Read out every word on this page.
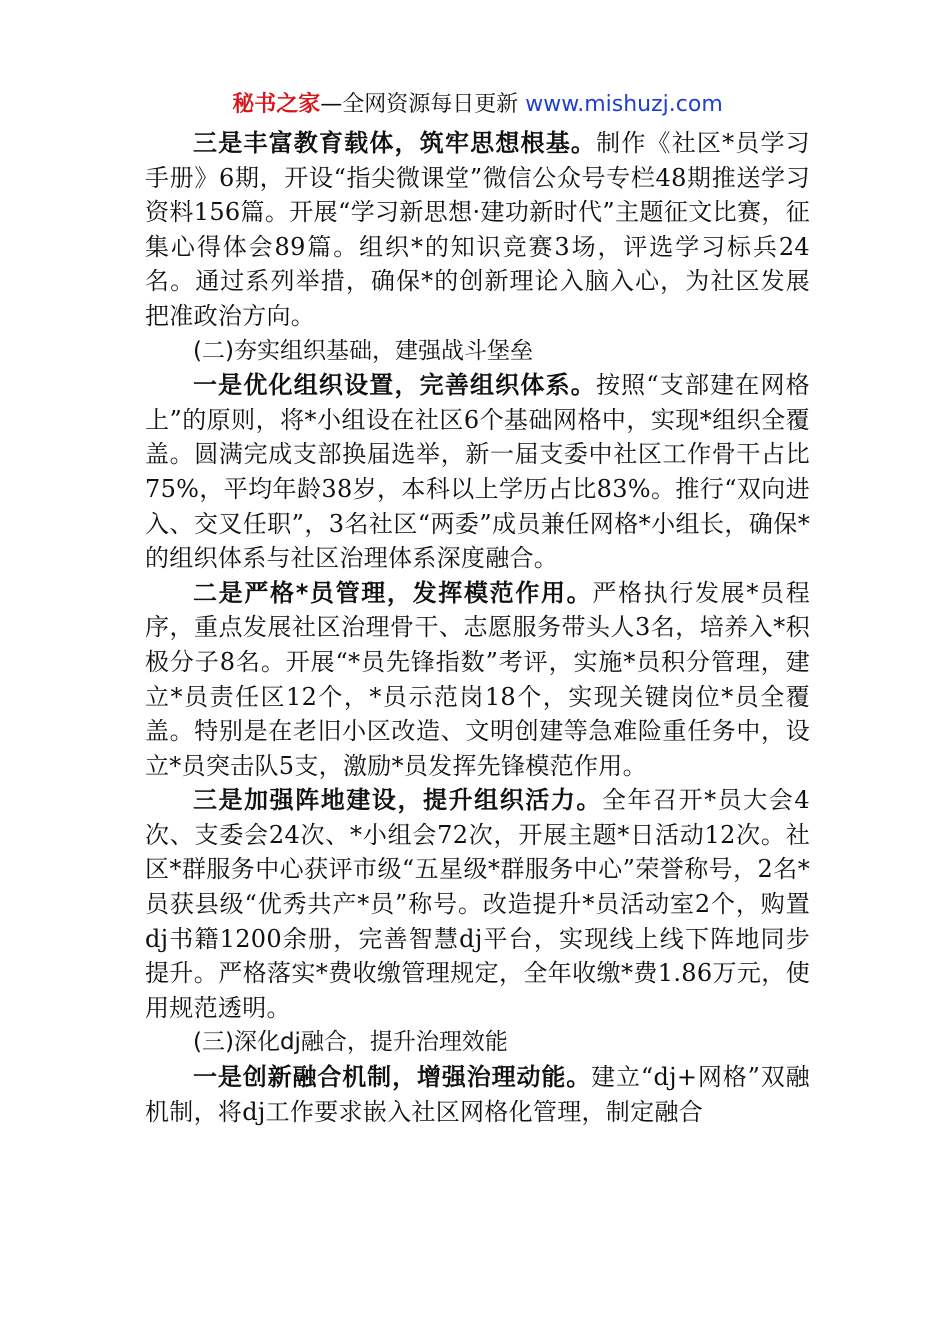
秘书之家—全网资源每日更新 www.mishuzj.com

三是丰富教育载体，筑牢思想根基。制作《社区*员学习手册》6期，开设“指尖微课堂”微信公众号专栏48期推送学习资料156篇。开展“学习新思想·建功新时代”主题征文比赛，征集心得体会89篇。组织*的知识竞赛3场，评选学习标兵24名。通过系列举措，确保*的创新理论入脑入心，为社区发展把准政治方向。

(二)夯实组织基础，建强战斗堡垒

一是优化组织设置，完善组织体系。按照“支部建在网格上”的原则，将*小组设在社区6个基础网格中，实现*组织全覆盖。圆满完成支部换届选举，新一届支委中社区工作骨干占比75%，平均年龄38岁，本科以上学历占比83%。推行“双向进入、交叉任职”，3名社区“两委”成员兼任网格*小组长，确保*的组织体系与社区治理体系深度融合。

二是严格*员管理，发挥模范作用。严格执行发展*员程序，重点发展社区治理骨干、志愿服务带头人3名，培养入*积极分子8名。开展“*员先锋指数”考评，实施*员积分管理，建立*员责任区12个，*员示范岗18个，实现关键岗位*员全覆盖。特别是在老旧小区改造、文明创建等急难险重任务中，设立*员突击队5支，激励*员发挥先锋模范作用。

三是加强阵地建设，提升组织活力。全年召开*员大会4次、支委会24次、*小组会72次，开展主题*日活动12次。社区*群服务中心获评市级“五星级*群服务中心”荣誉称号，2名*员获县级“优秀共产*员”称号。改造提升*员活动室2个，购置dj书籍1200余册，完善智慧dj平台，实现线上线下阵地同步提升。严格落实*费收缴管理规定，全年收缴*费1.86万元，使用规范透明。

(三)深化dj融合，提升治理效能

一是创新融合机制，增强治理动能。建立“dj+网格”双融机制，将dj工作要求嵌入社区网格化管理，制定融合
